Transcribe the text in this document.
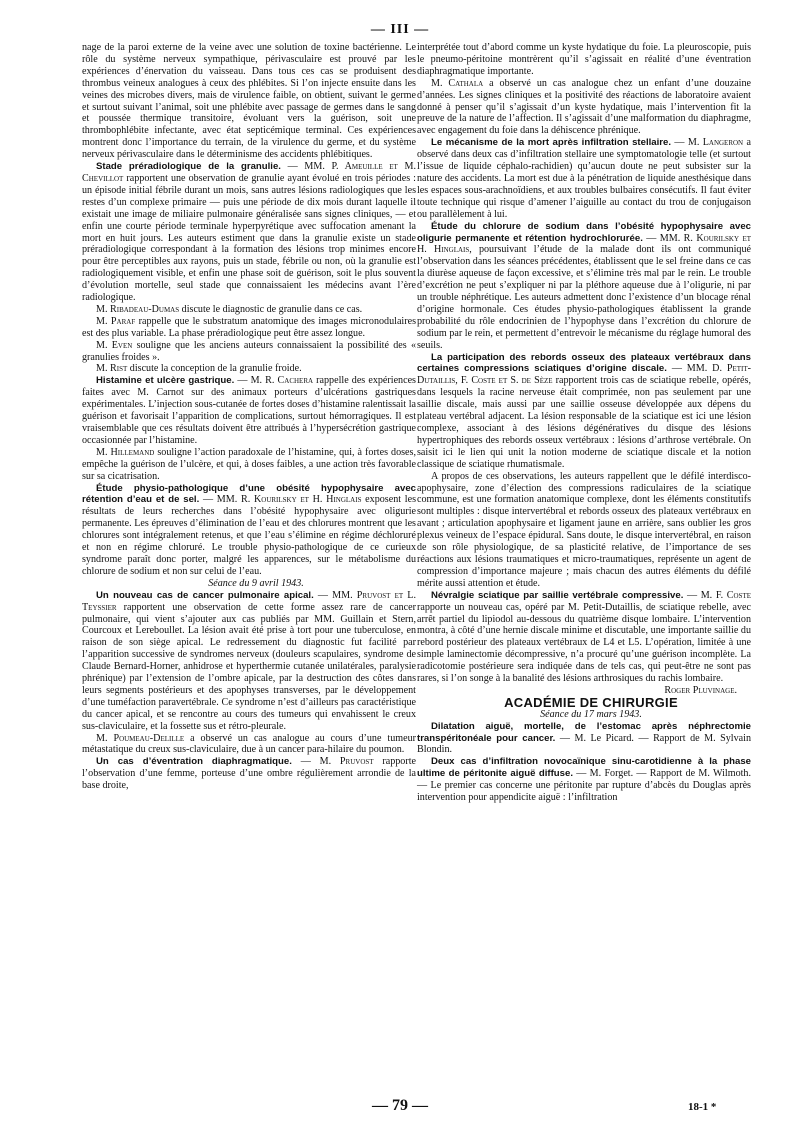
— III —

nage de la paroi externe de la veine avec une solution de toxine bactérienne. Le rôle du système nerveux sympathique, périvasculaire est prouvé par les expériences d’énervation du vaisseau. Dans tous ces cas se produisent des thrombus veineux analogues à ceux des phlébites. Si l’on injecte ensuite dans les veines des microbes divers, mais de virulence faible, on obtient, suivant le germe et surtout suivant l’animal, soit une phlébite avec passage de germes dans le sang et poussée thermique transitoire, évoluant vers la guérison, soit une thrombophlébite infectante, avec état septicémique terminal. Ces expériences montrent donc l’importance du terrain, de la virulence du germe, et du système nerveux périvasculaire dans le déterminisme des accidents phlébitiques.

Stade préradiologique de la granulie. — MM. P. Ameuille et M. Chevillot rapportent une observation de granulie ayant évolué en trois périodes : un épisode initial fébrile durant un mois, sans autres lésions radiologiques que les restes d’un complexe primaire — puis une période de dix mois durant laquelle il existait une image de miliaire pulmonaire généralisée sans signes cliniques, — et enfin une courte période terminale hyperpyrétique avec suffocation amenant la mort en huit jours. Les auteurs estiment que dans la granulie existe un stade préradiologique correspondant à la formation des lésions trop minimes encore pour être perceptibles aux rayons, puis un stade, fébrile ou non, où la granulie est radiologiquement visible, et enfin une phase soit de guérison, soit le plus souvent d’évolution mortelle, seul stade que connaissaient les médecins avant l’ère radiologique.

M. Ribadeau-Dumas discute le diagnostic de granulie dans ce cas.

M. Paraf rappelle que le substratum anatomique des images micronodulaires est des plus variable. La phase préradiologique peut être assez longue.

M. Even souligne que les anciens auteurs connaissaient la possibilité des « granulies froides ».

M. Rist discute la conception de la granulie froide.

Histamine et ulcère gastrique. — M. R. Cachera rappelle des expériences faites avec M. Carnot sur des animaux porteurs d’ulcérations gastriques expérimentales. L’injection sous-cutanée de fortes doses d’histamine ralentissait la guérison et favorisait l’apparition de complications, surtout hémorragiques. Il est vraisemblable que ces résultats doivent être attribués à l’hypersécrétion gastrique occasionnée par l’histamine.

M. Hillemand souligne l’action paradoxale de l’histamine, qui, à fortes doses, empêche la guérison de l’ulcère, et qui, à doses faibles, a une action très favorable sur sa cicatrisation.

Étude physio-pathologique d’une obésité hypophysaire avec rétention d’eau et de sel. — MM. R. Kourilsky et H. Hinglais exposent les résultats de leurs recherches dans l’obésité hypophysaire avec oligurie permanente. Les épreuves d’élimination de l’eau et des chlorures montrent que les chlorures sont intégralement retenus, et que l’eau s’élimine en régime déchloruré et non en régime chloruré. Le trouble physio-pathologique de ce curieux syndrome paraît donc porter, malgré les apparences, sur le métabolisme du chlorure de sodium et non sur celui de l’eau.

Séance du 9 avril 1943.

Un nouveau cas de cancer pulmonaire apical. — MM. Pruvost et L. Teyssier rapportent une observation de cette forme assez rare de cancer pulmonaire, qui vient s’ajouter aux cas publiés par MM. Guillain et Stern, Courcoux et Lereboullet. La lésion avait été prise à tort pour une tuberculose, en raison de son siège apical. Le redressement du diagnostic fut facilité par l’apparition successive de syndromes nerveux (douleurs scapulaires, syndrome de Claude Bernard-Horner, anhidrose et hyperthermie cutanée unilatérales, paralysie phrénique) par l’extension de l’ombre apicale, par la destruction des côtes dans leurs segments postérieurs et des apophyses transverses, par le développement d’une tuméfaction paravertébrale. Ce syndrome n’est d’ailleurs pas caractéristique du cancer apical, et se rencontre au cours des tumeurs qui envahissent le creux sus-claviculaire, et la fossette sus et rétro-pleurale.

M. Poumeau-Delille a observé un cas analogue au cours d’une tumeur métastatique du creux sus-claviculaire, due à un cancer para-hilaire du poumon.

Un cas d’éventration diaphragmatique. — M. Pruvost rapporte l’observation d’une femme, porteuse d’une ombre régulièrement arrondie de la base droite,

interprétée tout d’abord comme un kyste hydatique du foie. La pleuroscopie, puis le pneumo-péritoine montrèrent qu’il s’agissait en réalité d’une éventration diaphragmatique importante.

M. Cathala a observé un cas analogue chez un enfant d’une douzaine d’années. Les signes cliniques et la positivité des réactions de laboratoire avaient donné à penser qu’il s’agissait d’un kyste hydatique, mais l’intervention fit la preuve de la nature de l’affection. Il s’agissait d’une malformation du diaphragme, avec engagement du foie dans la déhiscence phrénique.

Le mécanisme de la mort après infiltration stellaire. — M. Langeron a observé dans deux cas d’infiltration stellaire une symptomatologie telle (et surtout l’issue de liquide céphalo-rachidien) qu’aucun doute ne peut subsister sur la nature des accidents. La mort est due à la pénétration de liquide anesthésique dans les espaces sous-arachnoïdiens, et aux troubles bulbaires consécutifs. Il faut éviter toute technique qui risque d’amener l’aiguille au contact du trou de conjugaison ou parallèlement à lui.

Étude du chlorure de sodium dans l’obésité hypophysaire avec oligurie permanente et rétention hydrochlorurée. — MM. R. Kourilsky et H. Hinglais, poursuivant l’étude de la malade dont ils ont communiqué l’observation dans les séances précédentes, établissent que le sel freine dans ce cas la diurèse aqueuse de façon excessive, et s’élimine très mal par le rein. Le trouble d’excrétion ne peut s’expliquer ni par la pléthore aqueuse due à l’oligurie, ni par un trouble néphrétique. Les auteurs admettent donc l’existence d’un blocage rénal d’origine hormonale. Ces études physio-pathologiques établissent la grande probabilité du rôle endocrinien de l’hypophyse dans l’excrétion du chlorure de sodium par le rein, et permettent d’entrevoir le mécanisme du réglage humoral des seuils.

La participation des rebords osseux des plateaux vertébraux dans certaines compressions sciatiques d’origine discale. — MM. D. Petit-Dutaillis, F. Coste et S. de Sèze rapportent trois cas de sciatique rebelle, opérés, dans lesquels la racine nerveuse était comprimée, non pas seulement par une saillie discale, mais aussi par une saillie osseuse développée aux dépens du plateau vertébral adjacent. La lésion responsable de la sciatique est ici une lésion complexe, associant à des lésions dégénératives du disque des lésions hypertrophiques des rebords osseux vertébraux : lésions d’arthrose vertébrale. On saisit ici le lien qui unit la notion moderne de sciatique discale et la notion classique de sciatique rhumatismale.

A propos de ces observations, les auteurs rappellent que le défilé interdisco-apophysaire, zone d’élection des compressions radiculaires de la sciatique commune, est une formation anatomique complexe, dont les éléments constitutifs sont multiples : disque intervertébral et rebords osseux des plateaux vertébraux en avant ; articulation apophysaire et ligament jaune en arrière, sans oublier les gros plexus veineux de l’espace épidural. Sans doute, le disque intervertébral, en raison de son rôle physiologique, de sa plasticité relative, de l’importance de ses réactions aux lésions traumatiques et micro-traumatiques, représente un agent de compression d’importance majeure ; mais chacun des autres éléments du défilé mérite aussi attention et étude.

Névralgie sciatique par saillie vertébrale compressive. — M. F. Coste rapporte un nouveau cas, opéré par M. Petit-Dutaillis, de sciatique rebelle, avec arrêt partiel du lipiodol au-dessous du quatrième disque lombaire. L’intervention montra, à côté d’une hernie discale minime et discutable, une importante saillie du rebord postérieur des plateaux vertébraux de L4 et L5. L’opération, limitée à une simple laminectomie décompressive, n’a procuré qu’une guérison incomplète. La radicotomie postérieure sera indiquée dans de tels cas, qui peut-être ne sont pas rares, si l’on songe à la banalité des lésions arthrosiques du rachis lombaire.

Roger Pluvinage.

ACADÉMIE DE CHIRURGIE

Séance du 17 mars 1943.

Dilatation aiguë, mortelle, de l’estomac après néphrectomie transpéritonéale pour cancer. — M. Le Picard. — Rapport de M. Sylvain Blondin.

Deux cas d’infiltration novocaïnique sinu-carotidienne à la phase ultime de péritonite aiguë diffuse. — M. Forget. — Rapport de M. Wilmoth. — Le premier cas concerne une péritonite par rupture d’abcès du Douglas après intervention pour appendicite aiguë : l’infiltration

— 79 —	18-1 *
